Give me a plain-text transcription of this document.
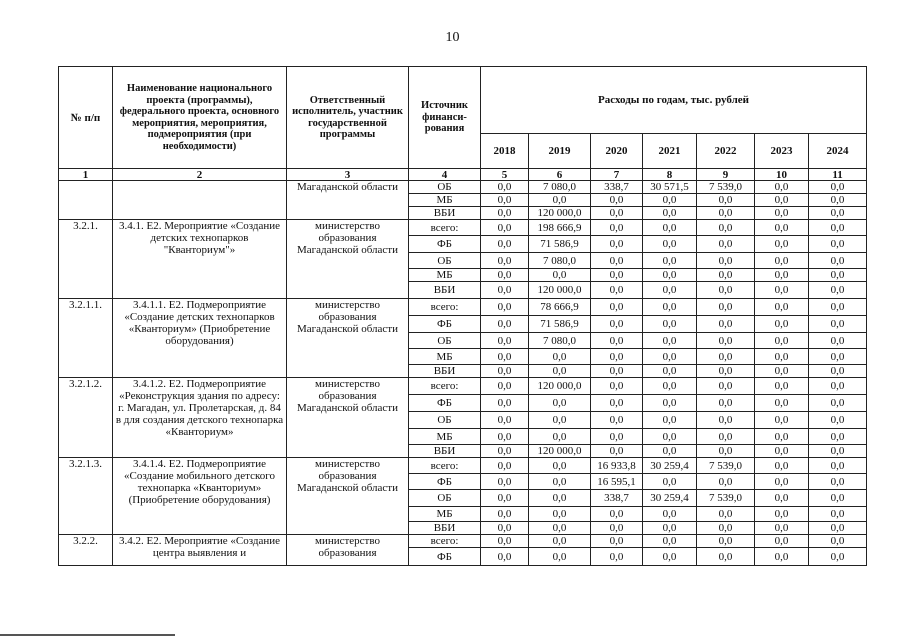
10
№ п/п	Наименование национального проекта (программы), федерального проекта, основного мероприятия, мероприятия, подмероприятия (при необходимости)	Ответственный исполнитель, участник государственной программы	Источник финанси-рования	Расходы по годам, тыс. рублей						
				2018	2019	2020	2021	2022	2023	2024
1	2	3	4	5	6	7	8	9	10	11
		Магаданской области	ОБ	0,0	7 080,0	338,7	30 571,5	7 539,0	0,0	0,0
			МБ	0,0	0,0	0,0	0,0	0,0	0,0	0,0
			ВБИ	0,0	120 000,0	0,0	0,0	0,0	0,0	0,0
3.2.1.	3.4.1. Е2. Мероприятие «Создание детских технопарков "Кванториум"»	министерство образования Магаданской области	всего:	0,0	198 666,9	0,0	0,0	0,0	0,0	0,0
			ФБ	0,0	71 586,9	0,0	0,0	0,0	0,0	0,0
			ОБ	0,0	7 080,0	0,0	0,0	0,0	0,0	0,0
			МБ	0,0	0,0	0,0	0,0	0,0	0,0	0,0
			ВБИ	0,0	120 000,0	0,0	0,0	0,0	0,0	0,0
3.2.1.1.	3.4.1.1. Е2. Подмероприятие «Создание детских технопарков «Кванториум» (Приобретение оборудования)	министерство образования Магаданской области	всего:	0,0	78 666,9	0,0	0,0	0,0	0,0	0,0
			ФБ	0,0	71 586,9	0,0	0,0	0,0	0,0	0,0
			ОБ	0,0	7 080,0	0,0	0,0	0,0	0,0	0,0
			МБ	0,0	0,0	0,0	0,0	0,0	0,0	0,0
			ВБИ	0,0	0,0	0,0	0,0	0,0	0,0	0,0
3.2.1.2.	3.4.1.2. Е2. Подмероприятие «Реконструкция здания по адресу: г. Магадан, ул. Пролетарская, д. 84 в для создания детского технопарка «Кванториум»	министерство образования Магаданской области	всего:	0,0	120 000,0	0,0	0,0	0,0	0,0	0,0
			ФБ	0,0	0,0	0,0	0,0	0,0	0,0	0,0
			ОБ	0,0	0,0	0,0	0,0	0,0	0,0	0,0
			МБ	0,0	0,0	0,0	0,0	0,0	0,0	0,0
			ВБИ	0,0	120 000,0	0,0	0,0	0,0	0,0	0,0
3.2.1.3.	3.4.1.4. Е2. Подмероприятие «Создание мобильного детского технопарка «Кванториум» (Приобретение оборудования)	министерство образования Магаданской области	всего:	0,0	0,0	16 933,8	30 259,4	7 539,0	0,0	0,0
			ФБ	0,0	0,0	16 595,1	0,0	0,0	0,0	0,0
			ОБ	0,0	0,0	338,7	30 259,4	7 539,0	0,0	0,0
			МБ	0,0	0,0	0,0	0,0	0,0	0,0	0,0
			ВБИ	0,0	0,0	0,0	0,0	0,0	0,0	0,0
3.2.2.	3.4.2. Е2. Мероприятие «Создание центра выявления и	министерство образования	всего:	0,0	0,0	0,0	0,0	0,0	0,0	0,0
			ФБ	0,0	0,0	0,0	0,0	0,0	0,0	0,0
